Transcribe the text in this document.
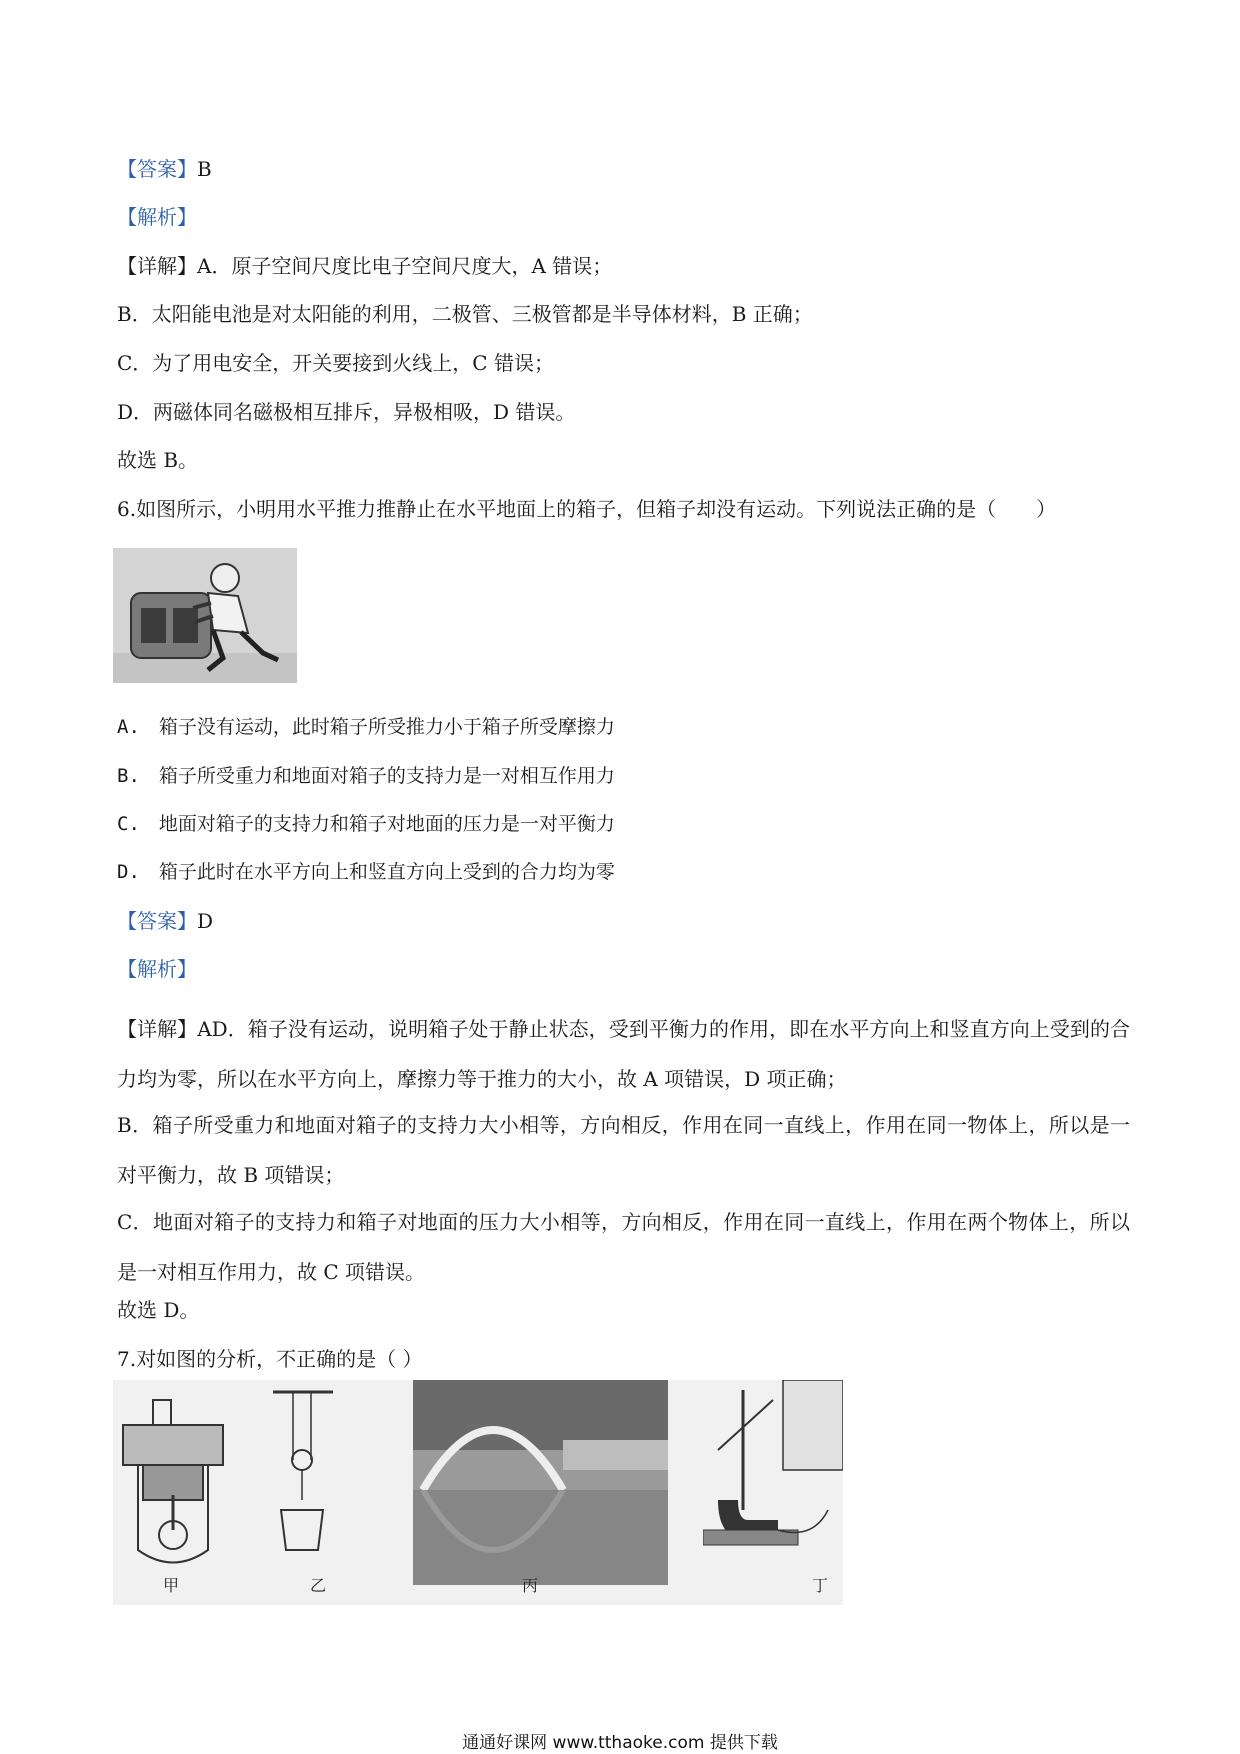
【答案】B
【解析】
【详解】A．原子空间尺度比电子空间尺度大，A 错误；
B．太阳能电池是对太阳能的利用，二极管、三极管都是半导体材料，B 正确；
C．为了用电安全，开关要接到火线上，C 错误；
D．两磁体同名磁极相互排斥，异极相吸，D 错误。
故选 B。
6.如图所示，小明用水平推力推静止在水平地面上的箱子，但箱子却没有运动。下列说法正确的是（　　）
A.　箱子没有运动，此时箱子所受推力小于箱子所受摩擦力
B.　箱子所受重力和地面对箱子的支持力是一对相互作用力
C.　地面对箱子的支持力和箱子对地面的压力是一对平衡力
D.　箱子此时在水平方向上和竖直方向上受到的合力均为零
【答案】D
【解析】
【详解】AD．箱子没有运动，说明箱子处于静止状态，受到平衡力的作用，即在水平方向上和竖直方向上受到的合力均为零，所以在水平方向上，摩擦力等于推力的大小，故 A 项错误，D 项正确；
B．箱子所受重力和地面对箱子的支持力大小相等，方向相反，作用在同一直线上，作用在同一物体上，所以是一对平衡力，故 B 项错误；
C．地面对箱子的支持力和箱子对地面的压力大小相等，方向相反，作用在同一直线上，作用在两个物体上，所以是一对相互作用力，故 C 项错误。
故选 D。
7.对如图的分析，不正确的是（ ）
甲	乙	丙	丁
通通好课网 www.tthaoke.com 提供下载
